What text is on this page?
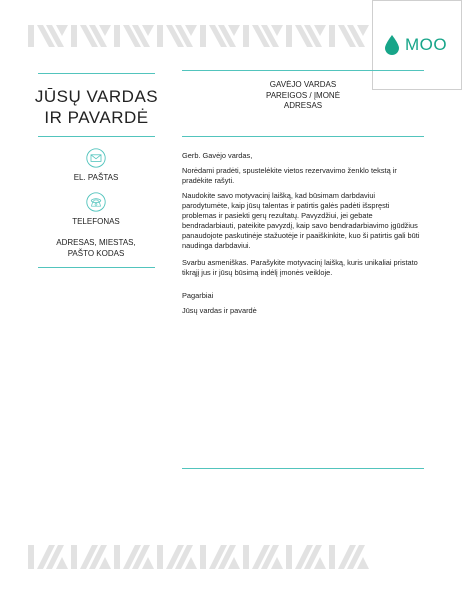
MOO
JŪSŲ VARDAS
IR PAVARDĖ
EL. PAŠTAS
TELEFONAS
ADRESAS, MIESTAS,
PAŠTO KODAS
GAVĖJO VARDAS
PAREIGOS / ĮMONĖ
ADRESAS

Gerb. Gavėjo vardas,

Norėdami pradėti, spustelėkite vietos rezervavimo ženklo tekstą ir pradėkite rašyti.

Naudokite savo motyvacinį laišką, kad būsimam darbdaviui parodytumėte, kaip jūsų talentas ir patirtis galės padėti išspręsti problemas ir pasiekti gerų rezultatų. Pavyzdžiui, jei gebate bendradarbiauti, pateikite pavyzdį, kaip savo bendradarbiavimo įgūdžius panaudojote paskutinėje stažuotėje ir paaiškinkite, kuo ši patirtis gali būti naudinga darbdaviui.

Svarbu asmeniškas. Parašykite motyvacinį laišką, kuris unikaliai pristato tikrąjį jus ir jūsų būsimą indėlį įmonės veikloje.

Pagarbiai

Jūsų vardas ir pavardė
